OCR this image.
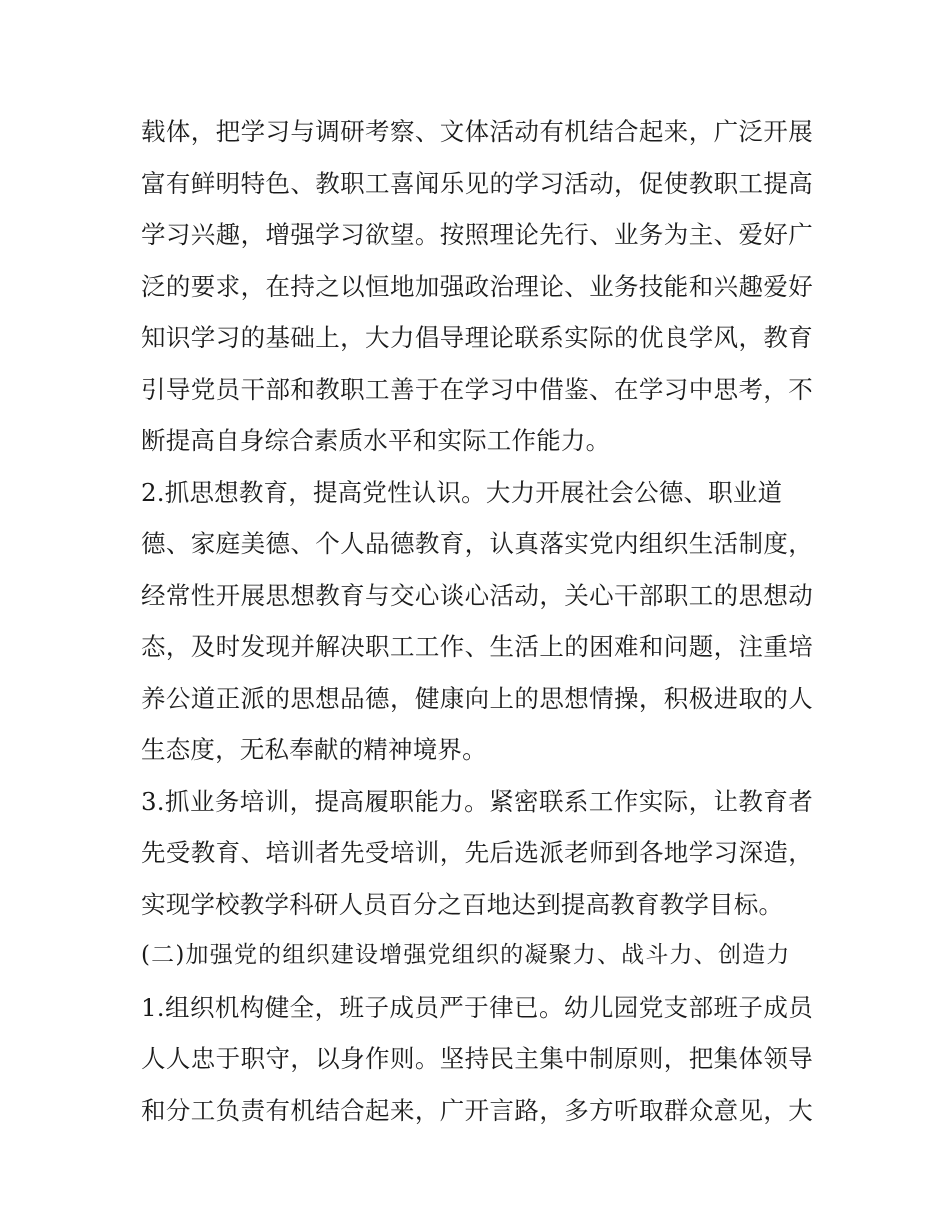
载体，把学习与调研考察、文体活动有机结合起来，广泛开展
富有鲜明特色、教职工喜闻乐见的学习活动，促使教职工提高
学习兴趣，增强学习欲望。按照理论先行、业务为主、爱好广
泛的要求，在持之以恒地加强政治理论、业务技能和兴趣爱好
知识学习的基础上，大力倡导理论联系实际的优良学风，教育
引导党员干部和教职工善于在学习中借鉴、在学习中思考，不
断提高自身综合素质水平和实际工作能力。
2.抓思想教育，提高党性认识。大力开展社会公德、职业道
德、家庭美德、个人品德教育，认真落实党内组织生活制度，
经常性开展思想教育与交心谈心活动，关心干部职工的思想动
态，及时发现并解决职工工作、生活上的困难和问题，注重培
养公道正派的思想品德，健康向上的思想情操，积极进取的人
生态度，无私奉献的精神境界。
3.抓业务培训，提高履职能力。紧密联系工作实际，让教育者
先受教育、培训者先受培训，先后选派老师到各地学习深造，
实现学校教学科研人员百分之百地达到提高教育教学目标。
(二)加强党的组织建设增强党组织的凝聚力、战斗力、创造力
1.组织机构健全，班子成员严于律已。幼儿园党支部班子成员
人人忠于职守，以身作则。坚持民主集中制原则，把集体领导
和分工负责有机结合起来，广开言路，多方听取群众意见，大
